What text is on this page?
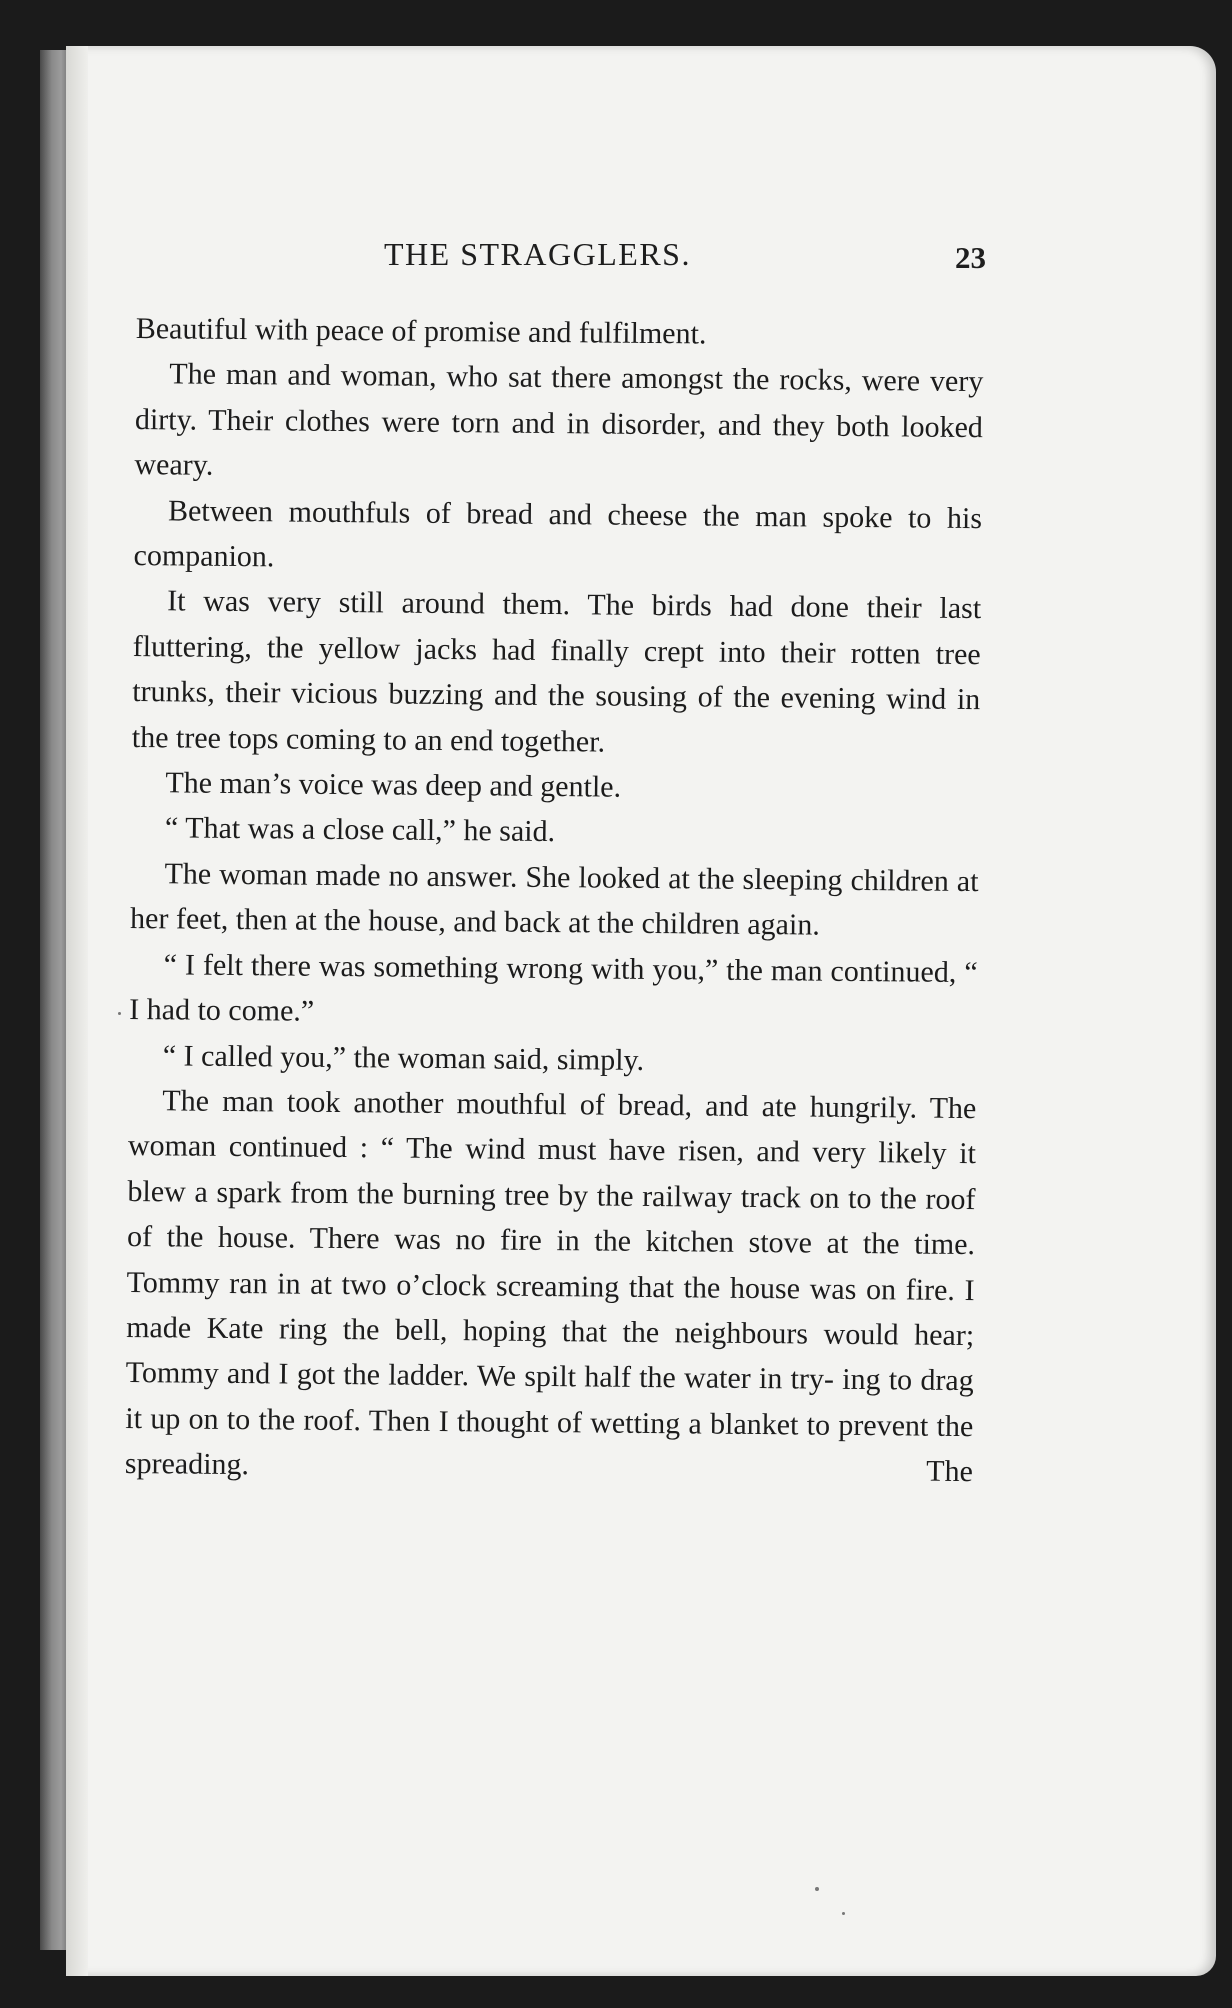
THE STRAGGLERS.	23

Beautiful with peace of promise and fulfilment.

The man and woman, who sat there amongst the rocks, were very dirty. Their clothes were torn and in disorder, and they both looked weary.

Between mouthfuls of bread and cheese the man spoke to his companion.

It was very still around them. The birds had done their last fluttering, the yellow jacks had finally crept into their rotten tree trunks, their vicious buzzing and the sousing of the evening wind in the tree tops coming to an end together.

The man’s voice was deep and gentle.

“ That was a close call,” he said.

The woman made no answer. She looked at the sleeping children at her feet, then at the house, and back at the children again.

“ I felt there was something wrong with you,” the man continued, “ I had to come.”

“ I called you,” the woman said, simply.

The man took another mouthful of bread, and ate hungrily. The woman continued : “ The wind must have risen, and very likely it blew a spark from the burning tree by the railway track on to the roof of the house. There was no fire in the kitchen stove at the time. Tommy ran in at two o’clock screaming that the house was on fire. I made Kate ring the bell, hoping that the neighbours would hear; Tommy and I got the ladder. We spilt half the water in try- ing to drag it up on to the roof. Then I thought of wetting a blanket to prevent the spreading. The
